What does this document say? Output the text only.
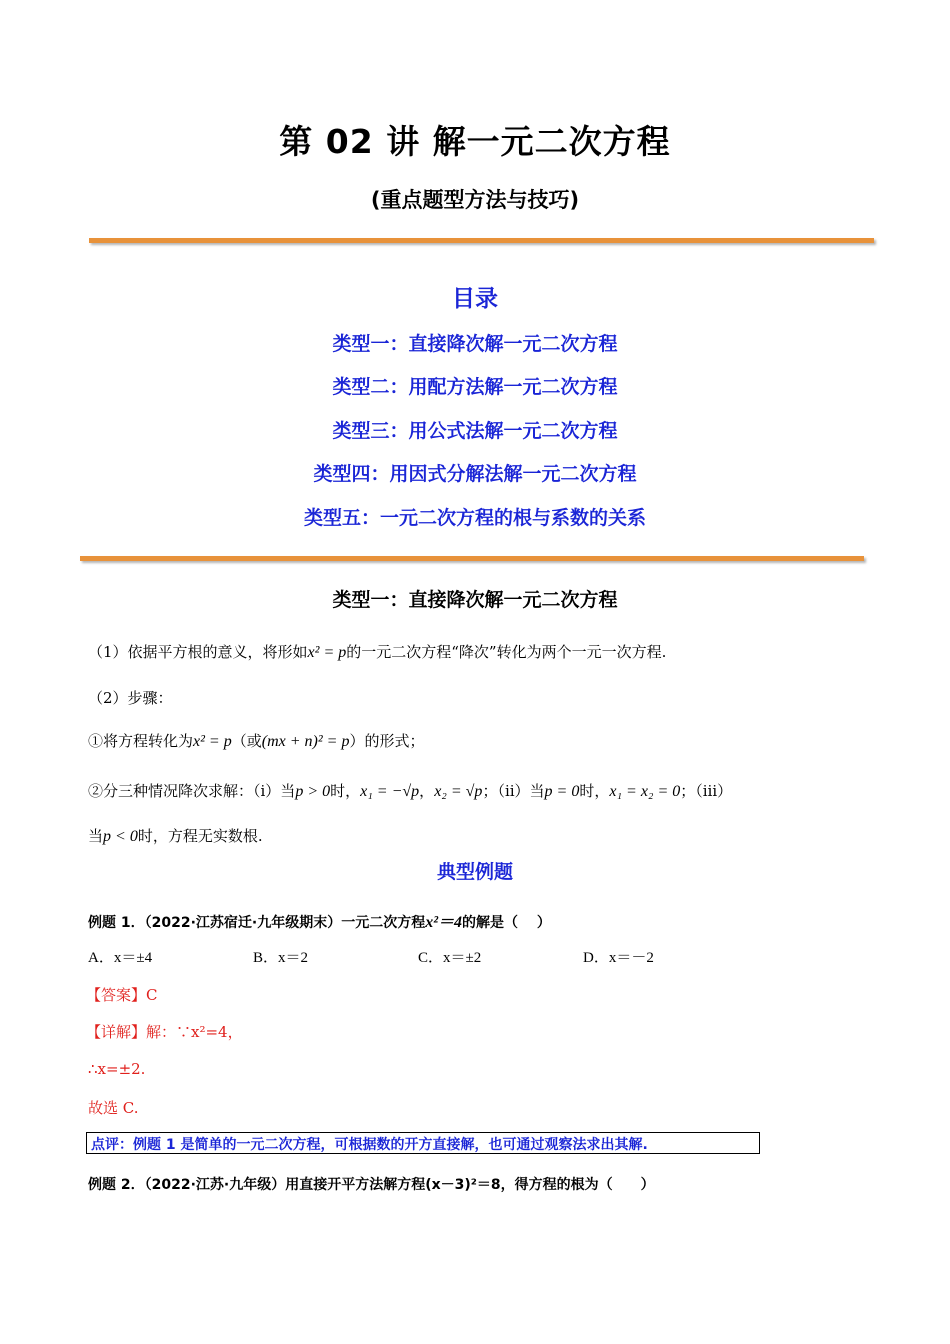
第 02 讲 解一元二次方程
(重点题型方法与技巧)
目录
类型一：直接降次解一元二次方程
类型二：用配方法解一元二次方程
类型三：用公式法解一元二次方程
类型四：用因式分解法解一元二次方程
类型五：一元二次方程的根与系数的关系
类型一：直接降次解一元二次方程
（1）依据平方根的意义，将形如x² = p的一元二次方程“降次”转化为两个一元一次方程.
（2）步骤：
①将方程转化为x² = p（或(mx + n)² = p）的形式；
②分三种情况降次求解：（ⅰ）当p > 0时，x₁ = −√p，x₂ = √p；（ⅱ）当p = 0时，x₁ = x₂ = 0；（ⅲ）
当p < 0时，方程无实数根.
典型例题
例题 1．（2022·江苏宿迁·九年级期末）一元二次方程x²＝4的解是（　 ）
A．x＝±4	B．x＝2	C．x＝±2	D．x＝－2
【答案】C
【详解】解：∵x²=4，
∴x=±2.
故选 C.
点评：例题 1 是简单的一元二次方程，可根据数的开方直接解，也可通过观察法求出其解.
例题 2．（2022·江苏·九年级）用直接开平方法解方程(x－3)²＝8，得方程的根为（　　）
